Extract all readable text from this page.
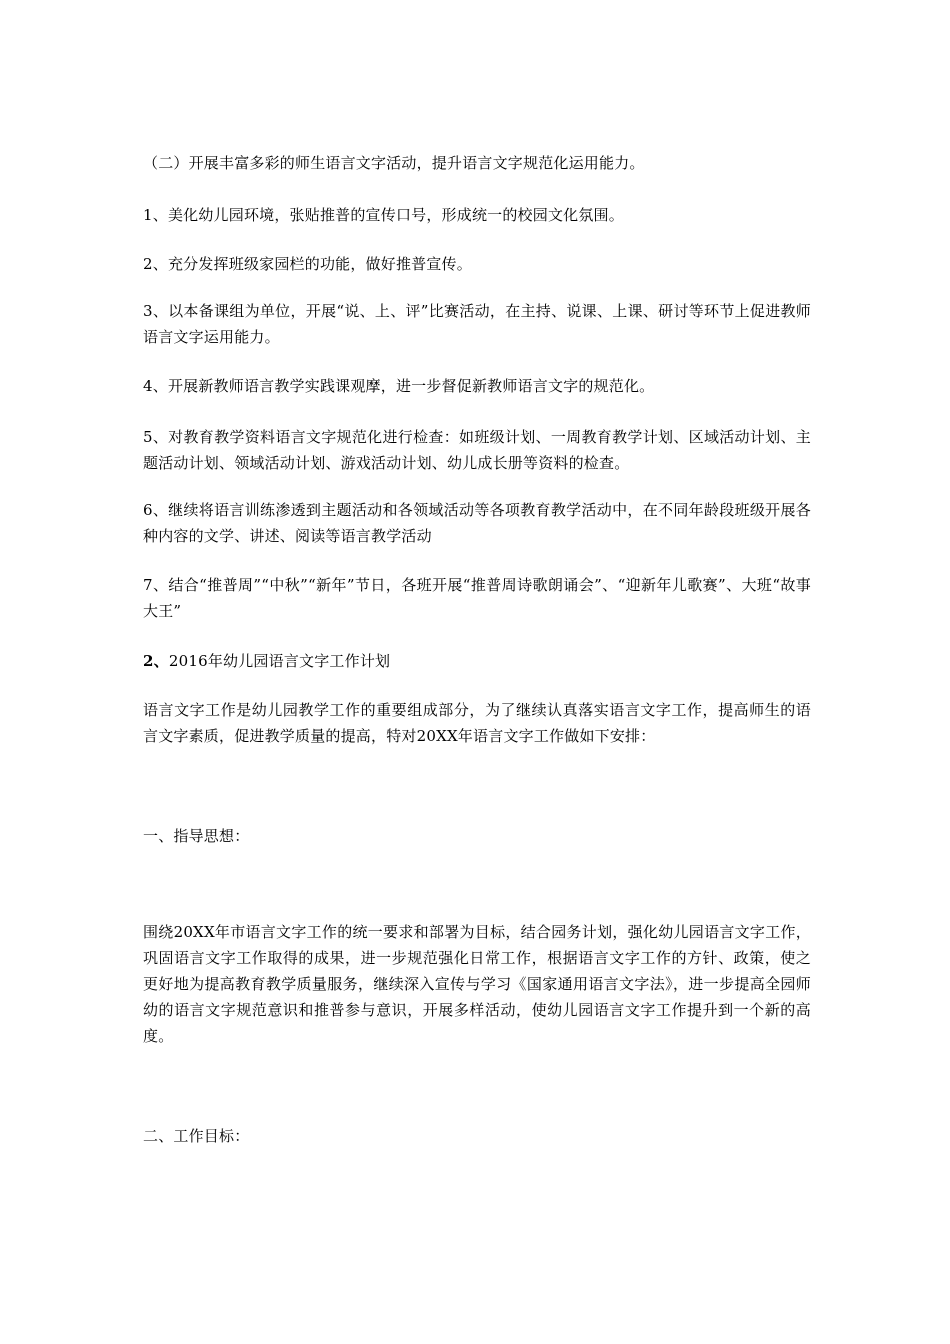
（二）开展丰富多彩的师生语言文字活动，提升语言文字规范化运用能力。

1、美化幼儿园环境，张贴推普的宣传口号，形成统一的校园文化氛围。

2、充分发挥班级家园栏的功能，做好推普宣传。

3、以本备课组为单位，开展“说、上、评”比赛活动，在主持、说课、上课、研讨等环节上促进教师语言文字运用能力。

4、开展新教师语言教学实践课观摩，进一步督促新教师语言文字的规范化。

5、对教育教学资料语言文字规范化进行检查：如班级计划、一周教育教学计划、区域活动计划、主题活动计划、领域活动计划、游戏活动计划、幼儿成长册等资料的检查。

6、继续将语言训练渗透到主题活动和各领域活动等各项教育教学活动中，在不同年龄段班级开展各种内容的文学、讲述、阅读等语言教学活动

7、结合“推普周”“中秋”“新年”节日，各班开展“推普周诗歌朗诵会”、“迎新年儿歌赛”、大班“故事大王”

2、2016年幼儿园语言文字工作计划

语言文字工作是幼儿园教学工作的重要组成部分，为了继续认真落实语言文字工作，提高师生的语言文字素质，促进教学质量的提高，特对20XX年语言文字工作做如下安排：

一、指导思想：

围绕20XX年市语言文字工作的统一要求和部署为目标，结合园务计划，强化幼儿园语言文字工作，巩固语言文字工作取得的成果，进一步规范强化日常工作，根据语言文字工作的方针、政策，使之更好地为提高教育教学质量服务，继续深入宣传与学习《国家通用语言文字法》，进一步提高全园师幼的语言文字规范意识和推普参与意识，开展多样活动，使幼儿园语言文字工作提升到一个新的高度。

二、工作目标：
